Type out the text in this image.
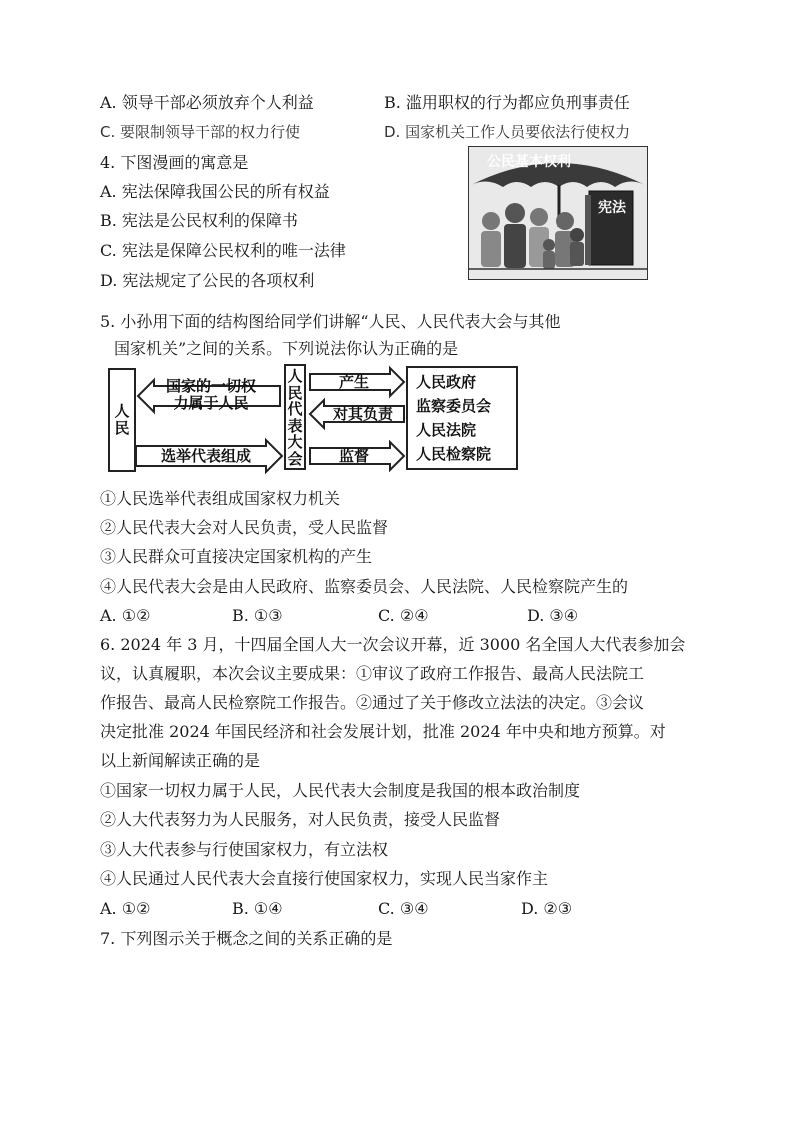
A. 领导干部必须放弃个人利益	B. 滥用职权的行为都应负刑事责任
C. 要限制领导干部的权力行使	D. 国家机关工作人员要依法行使权力
4. 下图漫画的寓意是
A. 宪法保障我国公民的所有权益
B. 宪法是公民权利的保障书
C. 宪法是保障公民权利的唯一法律
D. 宪法规定了公民的各项权利
公民基本权利
宪法
5. 小孙用下面的结构图给同学们讲解“人民、人民代表大会与其他
国家机关”之间的关系。下列说法你认为正确的是
人民
国家的一切权
力属于人民
选举代表组成
人民代表大会
产生
对其负责
监督
人民政府
监察委员会
人民法院
人民检察院
①人民选举代表组成国家权力机关
②人民代表大会对人民负责，受人民监督
③人民群众可直接决定国家机构的产生
④人民代表大会是由人民政府、监察委员会、人民法院、人民检察院产生的
A. ①②	B. ①③	C. ②④	D. ③④
6. 2024 年 3 月，十四届全国人大一次会议开幕，近 3000 名全国人大代表参加会
议，认真履职，本次会议主要成果：①审议了政府工作报告、最高人民法院工
作报告、最高人民检察院工作报告。②通过了关于修改立法法的决定。③会议
决定批准 2024 年国民经济和社会发展计划，批准 2024 年中央和地方预算。对
以上新闻解读正确的是
①国家一切权力属于人民，人民代表大会制度是我国的根本政治制度
②人大代表努力为人民服务，对人民负责，接受人民监督
③人大代表参与行使国家权力，有立法权
④人民通过人民代表大会直接行使国家权力，实现人民当家作主
A. ①②	B. ①④	C. ③④	D. ②③
7. 下列图示关于概念之间的关系正确的是
